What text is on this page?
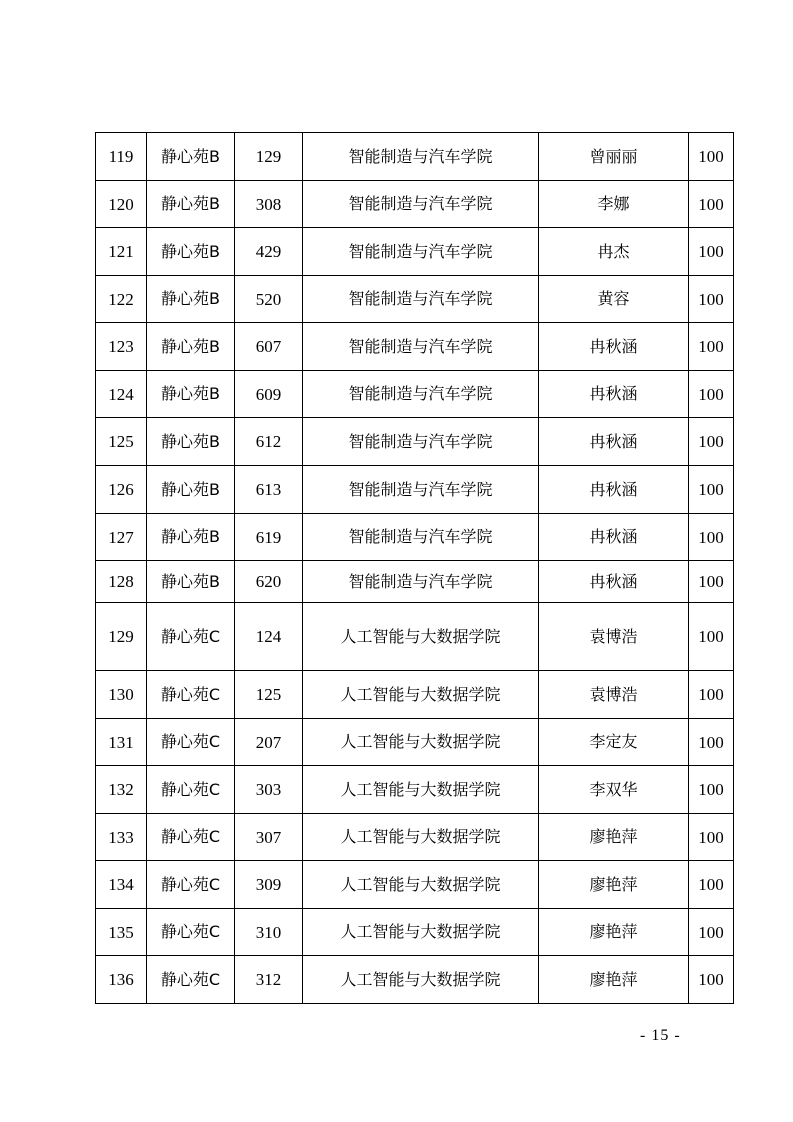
119	静心苑B	129	智能制造与汽车学院	曾丽丽	100
120	静心苑B	308	智能制造与汽车学院	李娜	100
121	静心苑B	429	智能制造与汽车学院	冉杰	100
122	静心苑B	520	智能制造与汽车学院	黄容	100
123	静心苑B	607	智能制造与汽车学院	冉秋涵	100
124	静心苑B	609	智能制造与汽车学院	冉秋涵	100
125	静心苑B	612	智能制造与汽车学院	冉秋涵	100
126	静心苑B	613	智能制造与汽车学院	冉秋涵	100
127	静心苑B	619	智能制造与汽车学院	冉秋涵	100
128	静心苑B	620	智能制造与汽车学院	冉秋涵	100
129	静心苑C	124	人工智能与大数据学院	袁博浩	100
130	静心苑C	125	人工智能与大数据学院	袁博浩	100
131	静心苑C	207	人工智能与大数据学院	李定友	100
132	静心苑C	303	人工智能与大数据学院	李双华	100
133	静心苑C	307	人工智能与大数据学院	廖艳萍	100
134	静心苑C	309	人工智能与大数据学院	廖艳萍	100
135	静心苑C	310	人工智能与大数据学院	廖艳萍	100
136	静心苑C	312	人工智能与大数据学院	廖艳萍	100
- 15 -
